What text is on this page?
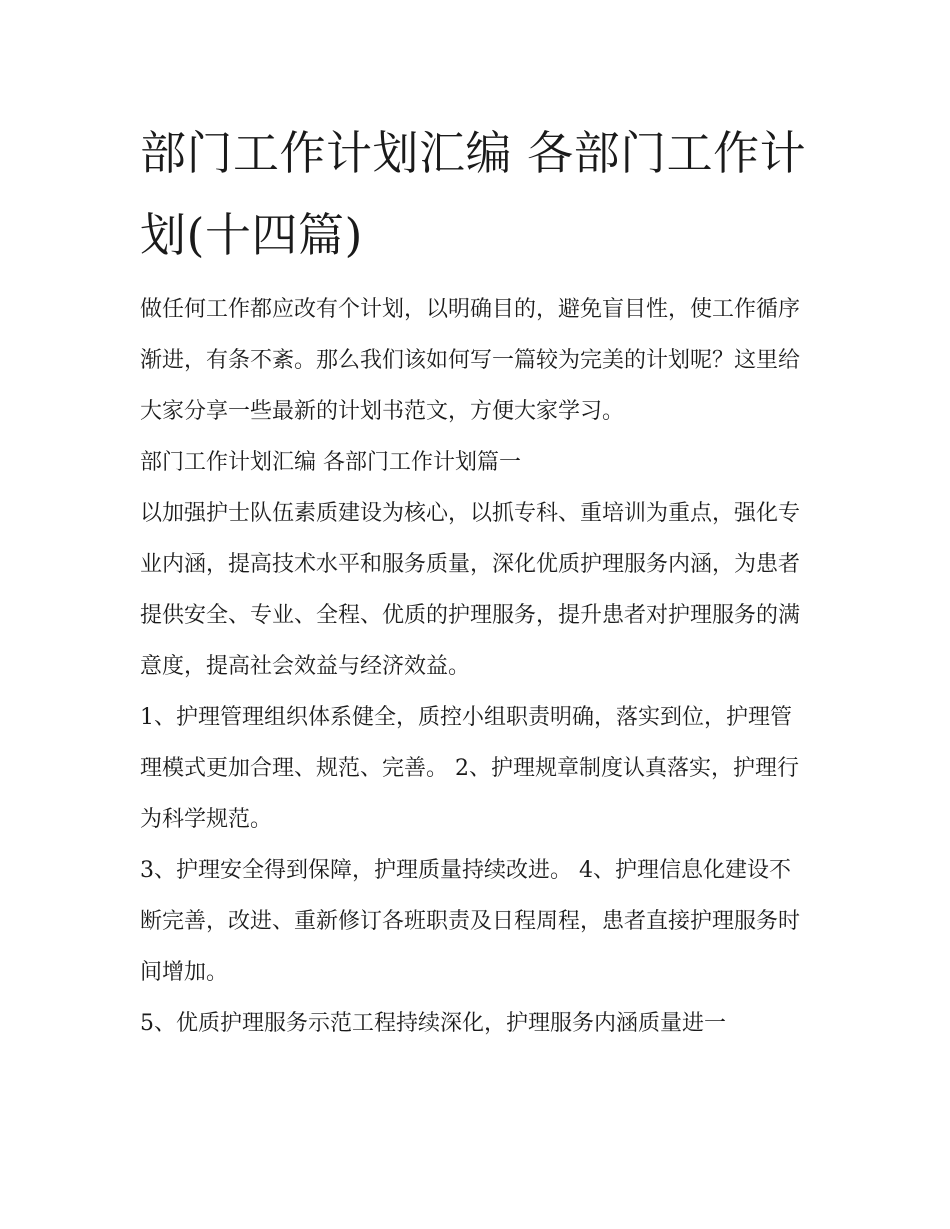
部门工作计划汇编 各部门工作计划(十四篇)

做任何工作都应改有个计划，以明确目的，避免盲目性，使工作循序渐进，有条不紊。那么我们该如何写一篇较为完美的计划呢？这里给大家分享一些最新的计划书范文，方便大家学习。

部门工作计划汇编 各部门工作计划篇一

以加强护士队伍素质建设为核心，以抓专科、重培训为重点，强化专业内涵，提高技术水平和服务质量，深化优质护理服务内涵，为患者提供安全、专业、全程、优质的护理服务，提升患者对护理服务的满意度，提高社会效益与经济效益。

1、护理管理组织体系健全，质控小组职责明确，落实到位，护理管理模式更加合理、规范、完善。 2、护理规章制度认真落实，护理行为科学规范。

3、护理安全得到保障，护理质量持续改进。 4、护理信息化建设不断完善，改进、重新修订各班职责及日程周程，患者直接护理服务时间增加。

5、优质护理服务示范工程持续深化，护理服务内涵质量进一
